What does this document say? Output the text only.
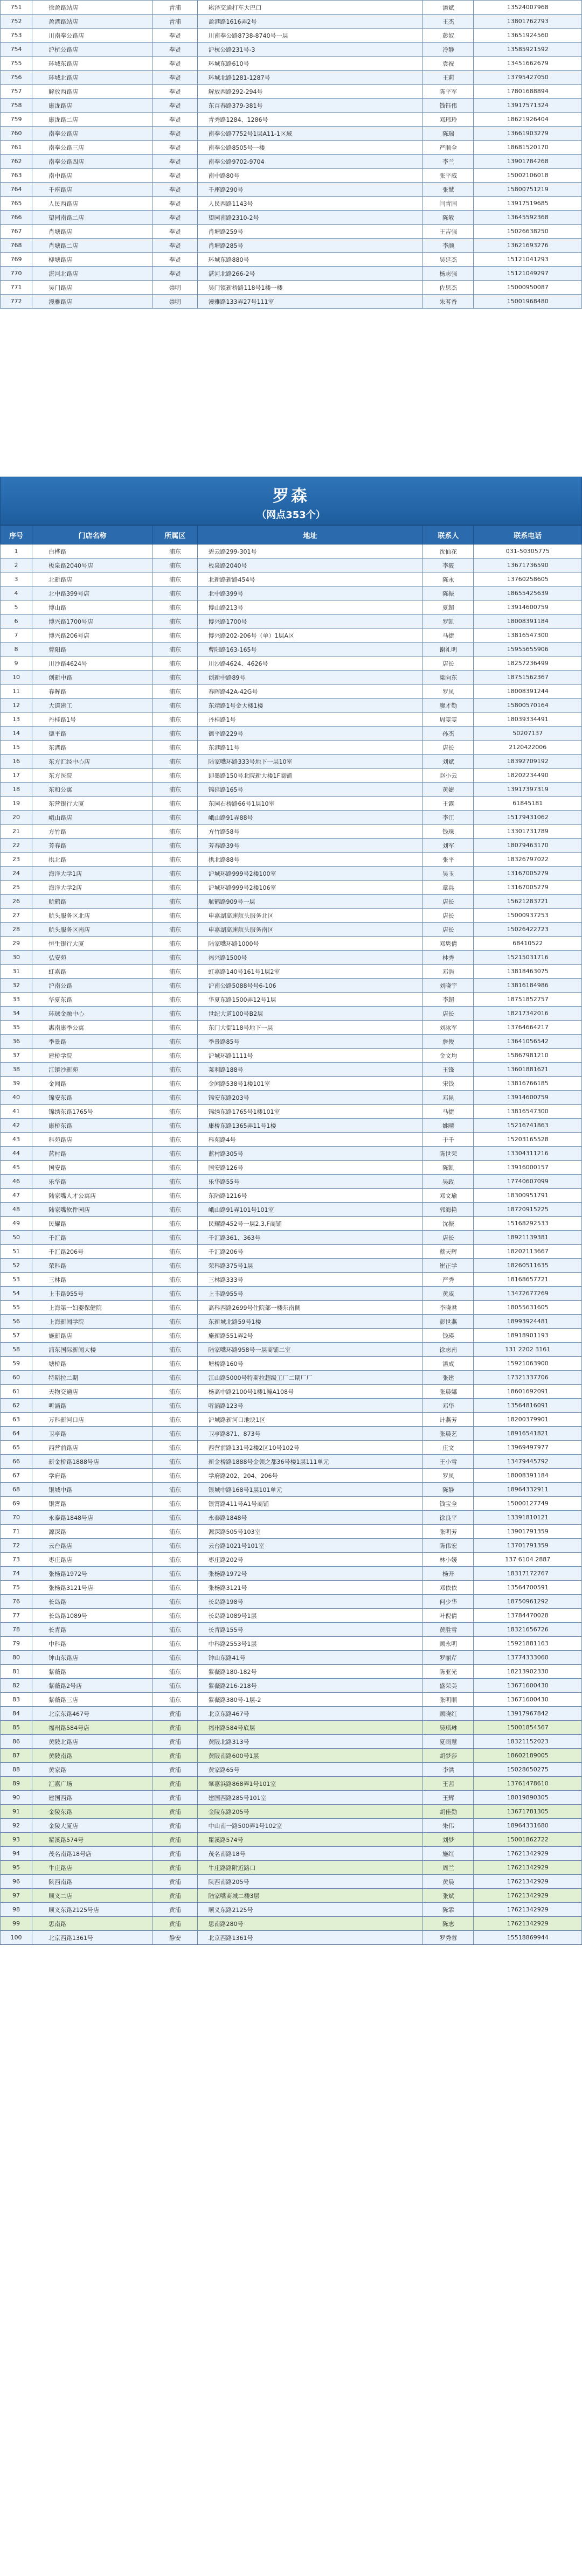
751	徐盈路站店	青浦	崧泽交通打车大巴口	潘斌	13524007968
752	盈港路站店	青浦	盈港路1616弄2号	王杰	13801762793
753	川南奉公路店	奉贤	川南奉公路8738-8740号一层	彭奴	13651924560
754	沪杭公路店	奉贤	沪杭公路231号-3	冷静	13585921592
755	环城东路店	奉贤	环城东路610号	袁祝	13451662679
756	环城北路店	奉贤	环城北路1281-1287号	王莉	13795427050
757	解放西路店	奉贤	解放西路292-294号	陈平军	17801688894
758	康泷路店	奉贤	东百春路379-381号	钱钰伟	13917571324
759	康泷路二店	奉贤	青秀路1284、1286号	邓玮玲	18621926404
760	南奉公路店	奉贤	南奉公路7752号1层A11-1区域	陈瑞	13661903279
761	南奉公路三店	奉贤	南奉公路8505号一楼	严顺全	18681520170
762	南奉公路四店	奉贤	南奉公路9702-9704	李兰	13901784268
763	南中路店	奉贤	南中路80号	张平威	15002106018
764	千座路店	奉贤	千座路290号	张慧	15800751219
765	人民西路店	奉贤	人民西路1143号	闫青国	13917519685
766	望园南路二店	奉贤	望园南路2310-2号	陈敏	13645592368
767	肖塘路店	奉贤	肖塘路259号	王吉强	15026638250
768	肖塘路二店	奉贤	肖塘路285号	李颜	13621693276
769	柳塘路店	奉贤	环城东路880号	吴延杰	15121041293
770	湛河北路店	奉贤	湛河北路266-2号	杨志强	15121049297
771	吴门路店	崇明	吴门镇新桥路118号1楼一楼	佐思杰	15000950087
772	漫雅路店	崇明	漫雅路133弄27号111室	朱茗香	15001968480
罗森
（网点353个）
序号	门店名称	所属区	地址	联系人	联系电话
1	白桦路	浦东	碧云路299-301号	沈仙花	031-50305775
2	板泉路2040号店	浦东	板泉路2040号	李筱	13671736590
3	北新路店	浦东	北新路新路454号	陈永	13760258605
4	北中路399号店	浦东	北中路399号	陈振	18655425639
5	博山路	浦东	博山路213号	夏超	13914600759
6	博兴路1700号店	浦东	博兴路1700号	罗凯	18008391184
7	博兴路206号店	浦东	博兴路202-206号（单）1层A区	马捷	13816547300
8	曹阳路	浦东	曹阳路163-165号	谢礼明	15955655906
9	川沙路4624号	浦东	川沙路4624、4626号	店长	18257236499
10	创新中路	浦东	创新中路89号	梁向东	18751562367
11	春晖路	浦东	春晖路42A-42G号	罗凤	18008391244
12	大道建工	浦东	东靖路1号金大楼1楼	廖才勤	15800570164
13	丹桂路1号	浦东	丹桂路1号	周雯雯	18039334491
14	德平路	浦东	德平路229号	孙杰	50207137
15	东港路	浦东	东港路11号	店长	2120422006
16	东方汇经中心店	浦东	陆家嘴环路333号地下一层10室	刘斌	18392709192
17	东方医院	浦东	即墨路150号北院新大楼1F商铺	赵小云	18202234490
18	东和公寓	浦东	锦延路165号	黄婕	13917397319
19	东营银行大厦	浦东	东园石桥路66号1层10室	王露	61845181
20	峨山路店	浦东	峨山路91弄88号	李江	15179431062
21	方竹路	浦东	方竹路58号	钱珠	13301731789
22	芳春路	浦东	芳春路39号	刘军	18079463170
23	拱北路	浦东	拱北路88号	张平	18326797022
24	海洋大学1店	浦东	沪城环路999号2楼100室	吴玉	13167005279
25	海洋大学2店	浦东	沪城环路999号2楼106室	章兵	13167005279
26	航鹤路	浦东	航鹤路909号一层	店长	15621283721
27	航头服务区北店	浦东	申嘉湖高速航头服务北区	店长	15000937253
28	航头服务区南店	浦东	申嘉湖高速航头服务南区	店长	15026422723
29	恒生银行大厦	浦东	陆家嘴环路1000号	邓隽倩	68410522
30	弘安苑	浦东	福兴路1500号	林秀	15215031716
31	虹嘉路	浦东	虹嘉路140号161号1层2室	邓浩	13818463075
32	沪南公路	浦东	沪南公路5088号号6-106	刘晓宇	13816184986
33	华夏东路	浦东	华夏东路1500弄12号1层	李超	18751852757
34	环球金融中心	浦东	世纪大道100号B2层	店长	18217342016
35	惠南康季公寓	浦东	东门大街118号地下一层	刘冰军	13764664217
36	季景路	浦东	季景路85号	詹俊	13641056542
37	建桥学院	浦东	沪城环路1111号	金文均	15867981210
38	江镇沙新苑	浦东	莱利路188号	王锋	13601881621
39	金闻路	浦东	金闻路538号1楼101室	宋钱	13816766185
40	锦安东路	浦东	锦安东路203号	邓昆	13914600759
41	锦绣东路1765号	浦东	锦绣东路1765号1楼101室	马捷	13816547300
42	康桥东路	浦东	康桥东路1365弄11号1楼	姚晴	15216741863
43	科苑路店	浦东	科苑路4号	于千	15203165528
44	蓝村路	浦东	蓝村路305号	陈世荣	13304311216
45	国安路	浦东	国安路126号	陈凯	13916000157
46	乐华路	浦东	乐华路55号	吴政	17740607099
47	陆家嘴人才公寓店	浦东	东陆路1216号	邓文瑜	18300951791
48	陆家嘴软件园店	浦东	峨山路91弄101号101室	郭海艳	18720915225
49	民耀路	浦东	民耀路452号一层2,3,F商铺	沈振	15168292533
50	千汇路	浦东	千汇路361、363号	店长	18921139381
51	千汇路206号	浦东	千汇路206号	蔡天辉	18202113667
52	荣科路	浦东	荣科路375号1层	崔正学	18260511635
53	三林路	浦东	三林路333号	严秀	18168657721
54	上丰路955号	浦东	上丰路955号	黄威	13472677269
55	上海第一妇婴保健院	浦东	高科西路2699号住院部一楼东南侧	李晓君	18055631605
56	上海新闻学院	浦东	东新城北路59号1楼	彭世燕	18993924481
57	施新路店	浦东	施新路551弄2号	钱瑛	18918901193
58	浦东国际新闻大楼	浦东	陆家嘴环路958号一层商铺二室	徐志南	131 2202 3161
59	塘桥路	浦东	塘桥路160号	潘成	15921063900
60	特斯拉二期	浦东	江山路5000号特斯拉超级工厂二期厂厂	张建	17321337706
61	天物交通店	浦东	杨高中路2100号1楼1幢A108号	张晨娜	18601692091
62	听涵路	浦东	听涵路123号	邓华	13564816091
63	万科新河口店	浦东	沪城路新河口地块1区	计燕芳	18200379901
64	卫亭路	浦东	卫亭路871、873号	张晨艺	18916541821
65	西营前路店	浦东	西营前路131号2楼2区10号102号	庄文	13969497977
66	新金桥路1888号店	浦东	新金桥路1888号金领之都36号楼1层111单元	王小雪	13479445792
67	学府路	浦东	学府路202、204、206号	罗凤	18008391184
68	银城中路	浦东	银城中路168号1层101单元	陈静	18964332911
69	银霄路	浦东	银霄路411号A1号商铺	钱宝全	15000127749
70	永泰路1848号店	浦东	永泰路1848号	徐良平	13391810121
71	源深路	浦东	源深路505号103室	张明芳	13901791359
72	云台路店	浦东	云台路1021号101室	陈伟宏	13701791359
73	枣庄路店	浦东	枣庄路202号	林小媛	137 6104 2887
74	张杨路1972号	浦东	张杨路1972号	杨开	18317172767
75	张杨路3121号店	浦东	张杨路3121号	邓依依	13564700591
76	长岛路	浦东	长岛路198号	何少华	18750961292
77	长岛路1089号	浦东	长岛路1089号1层	叶倪倩	13784470028
78	长青路	浦东	长青路155号	黄胜雪	18321656726
79	中科路	浦东	中科路2553号1层	顾永明	15921881163
80	钟山东路店	浦东	钟山东路41号	罗丽芹	13774333060
81	紫薇路	浦东	紫薇路180-182号	陈亚光	18213902330
82	紫薇路2号店	浦东	紫薇路216-218号	盛荣美	13671600430
83	紫薇路三店	浦东	紫薇路380号-1层-2	张明顺	13671600430
84	北京东路467号	黄浦	北京东路467号	顾晓红	13917967842
85	福州路584号店	黄浦	福州路584号底层	吴琪琳	15001854567
86	黄陂北路店	黄浦	黄陂北路313号	夏雨慧	18321152023
87	黄陂南路	黄浦	黄陂南路600号1层	胡梦莎	18602189005
88	黄家路	黄浦	黄家路65号	李洪	15028650275
89	汇嘉广场	黄浦	肇嘉浜路868弄1号101室	王茜	13761478610
90	建国西路	黄浦	建国西路285号101室	王辉	18019890305
91	金陵东路	黄浦	金陵东路205号	胡佳勤	13671781305
92	金陵大厦店	黄浦	中山南一路500弄1号102室	朱伟	18964331680
93	瞿溪路574号	黄浦	瞿溪路574号	刘梦	15001862722
94	茂名南路18号店	黄浦	茂名南路18号	施红	17621342929
95	牛庄路店	黄浦	牛庄路路附近路口	周兰	17621342929
96	陕西南路	黄浦	陕西南路205号	黄晨	17621342929
97	顺义二店	黄浦	陆家嘴商城二楼3层	张斌	17621342929
98	顺义东路2125号店	黄浦	顺义东路2125号	陈霏	17621342929
99	思南路	黄浦	思南路280号	陈志	17621342929
100	北京西路1361号	静安	北京西路1361号	罗秀蓉	15518869944
